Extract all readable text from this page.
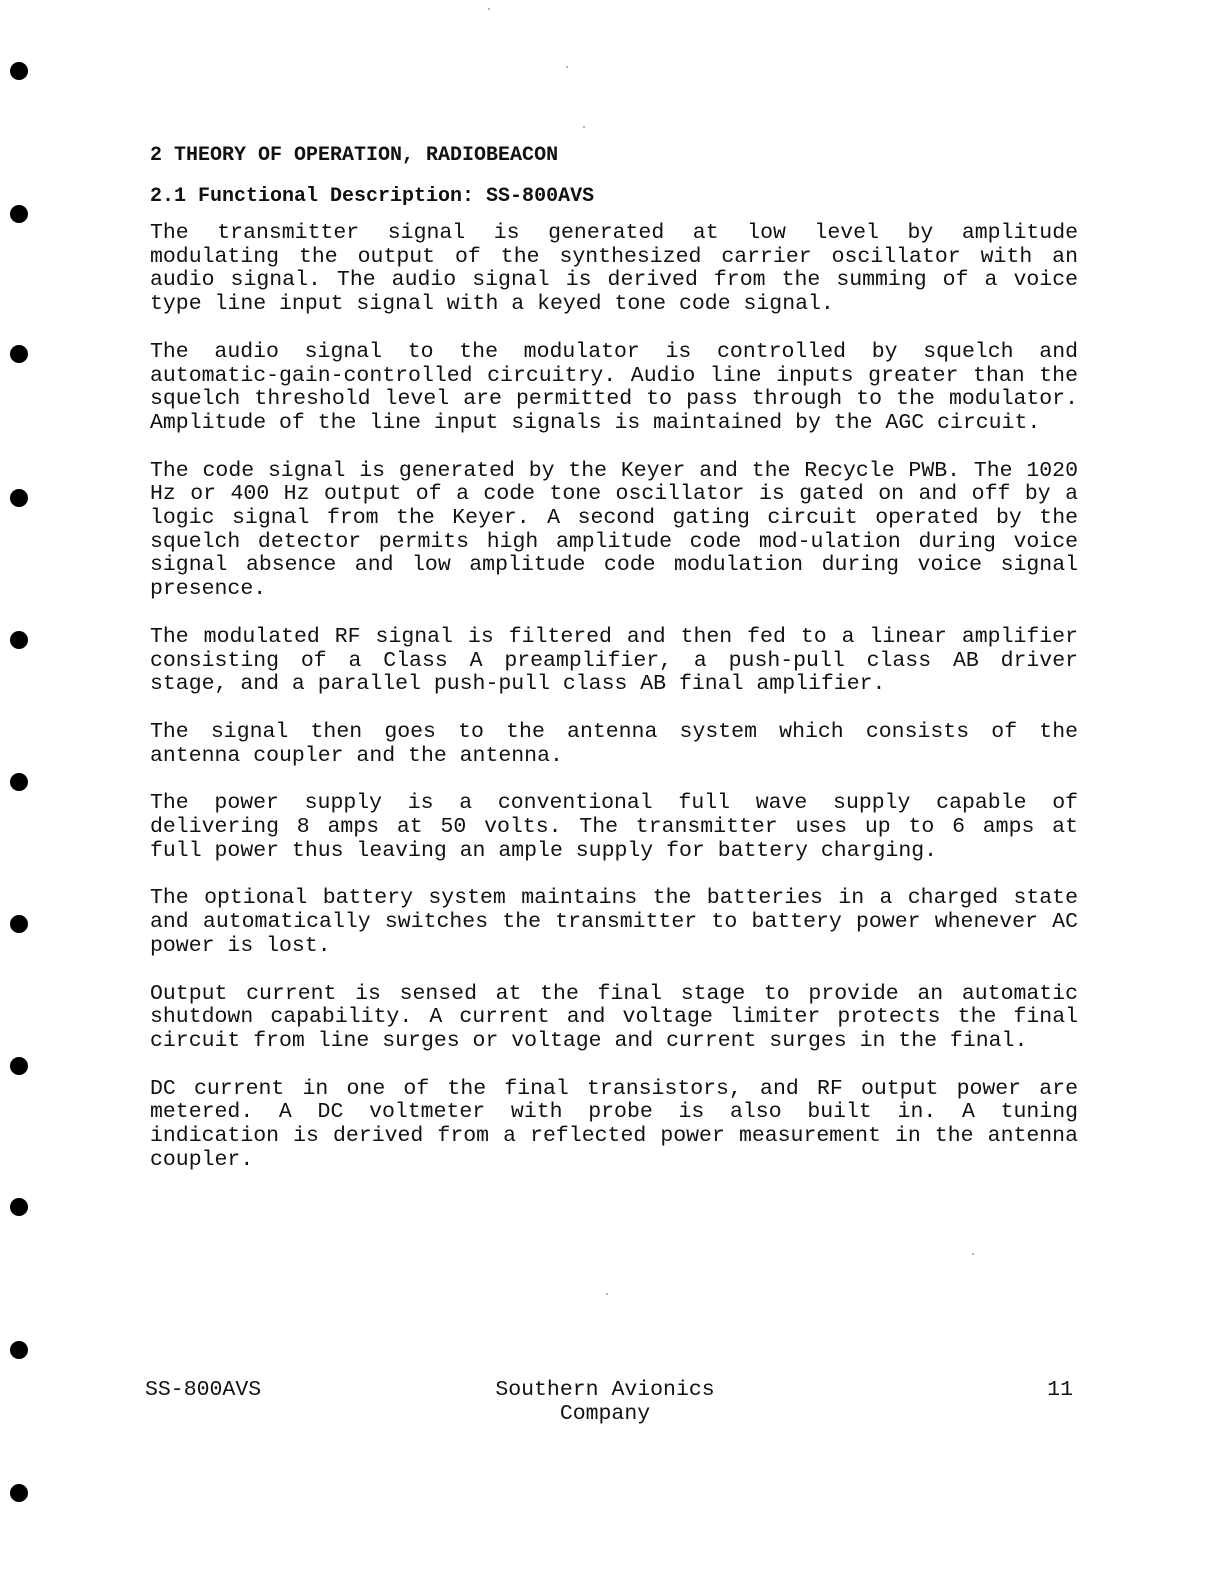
2 THEORY OF OPERATION, RADIOBEACON
2.1 Functional Description: SS-800AVS

The transmitter signal is generated at low level by amplitude modulating the output of the synthesized carrier oscillator with an audio signal. The audio signal is derived from the summing of a voice type line input signal with a keyed tone code signal.

The audio signal to the modulator is controlled by squelch and automatic-gain-controlled circuitry. Audio line inputs greater than the squelch threshold level are permitted to pass through to the modulator. Amplitude of the line input signals is maintained by the AGC circuit.

The code signal is generated by the Keyer and the Recycle PWB. The 1020 Hz or 400 Hz output of a code tone oscillator is gated on and off by a logic signal from the Keyer. A second gating circuit operated by the squelch detector permits high amplitude code mod-ulation during voice signal absence and low amplitude code modulation during voice signal presence.

The modulated RF signal is filtered and then fed to a linear amplifier consisting of a Class A preamplifier, a push-pull class AB driver stage, and a parallel push-pull class AB final amplifier.

The signal then goes to the antenna system which consists of the antenna coupler and the antenna.

The power supply is a conventional full wave supply capable of delivering 8 amps at 50 volts. The transmitter uses up to 6 amps at full power thus leaving an ample supply for battery charging.

The optional battery system maintains the batteries in a charged state and automatically switches the transmitter to battery power whenever AC power is lost.

Output current is sensed at the final stage to provide an automatic shutdown capability. A current and voltage limiter protects the final circuit from line surges or voltage and current surges in the final.

DC current in one of the final transistors, and RF output power are metered. A DC voltmeter with probe is also built in. A tuning indication is derived from a reflected power measurement in the antenna coupler.

SS-800AVS	Southern Avionics
Company
11
